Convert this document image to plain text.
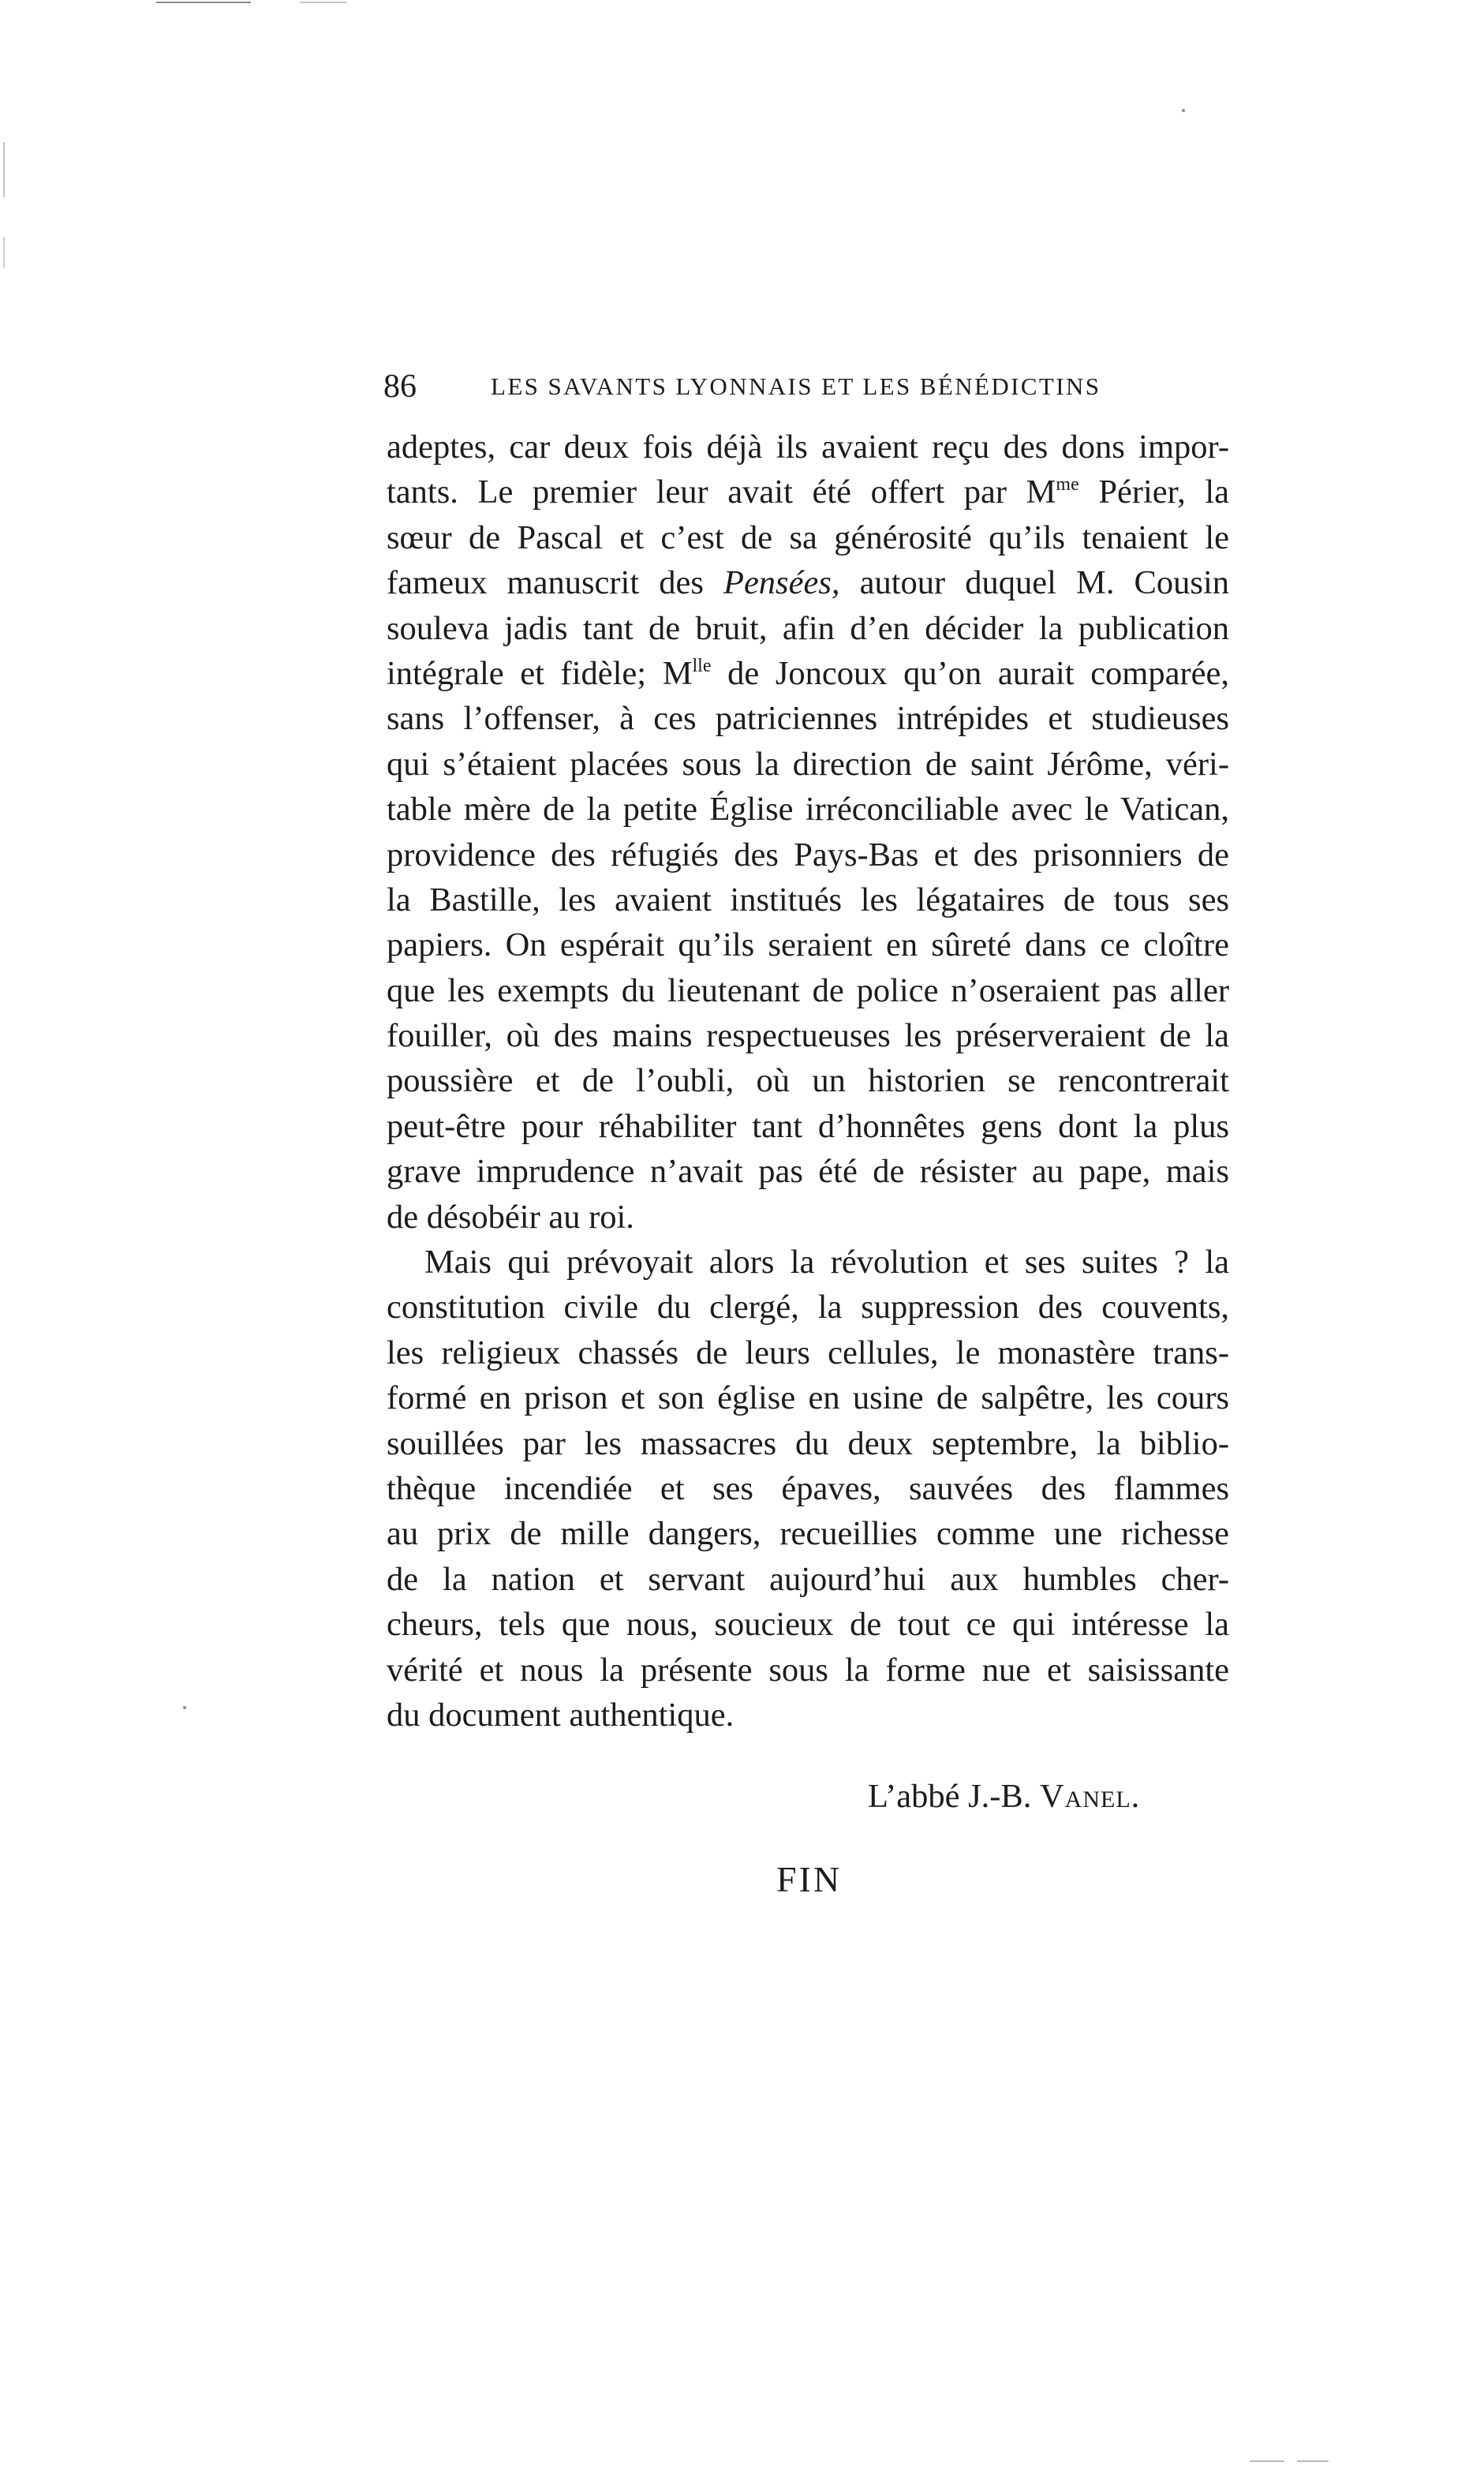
86	LES SAVANTS LYONNAIS ET LES BÉNÉDICTINS
adeptes, car deux fois déjà ils avaient reçu des dons impor-
tants. Le premier leur avait été offert par $M^{me}$ Périer, la
sœur de Pascal et c’est de sa générosité qu’ils tenaient le
fameux manuscrit des Pensées, autour duquel M. Cousin
souleva jadis tant de bruit, afin d’en décider la publication
intégrale et fidèle; $M^{lle}$ de Joncoux qu’on aurait comparée,
sans l’offenser, à ces patriciennes intrépides et studieuses
qui s’étaient placées sous la direction de saint Jérôme, véri-
table mère de la petite Église irréconciliable avec le Vatican,
providence des réfugiés des Pays-Bas et des prisonniers de
la Bastille, les avaient institués les légataires de tous ses
papiers. On espérait qu’ils seraient en sûreté dans ce cloître
que les exempts du lieutenant de police n’oseraient pas aller
fouiller, où des mains respectueuses les préserveraient de la
poussière et de l’oubli, où un historien se rencontrerait
peut-être pour réhabiliter tant d’honnêtes gens dont la plus
grave imprudence n’avait pas été de résister au pape, mais
de désobéir au roi.
Mais qui prévoyait alors la révolution et ses suites ? la
constitution civile du clergé, la suppression des couvents,
les religieux chassés de leurs cellules, le monastère trans-
formé en prison et son église en usine de salpêtre, les cours
souillées par les massacres du deux septembre, la biblio-
thèque incendiée et ses épaves, sauvées des flammes
au prix de mille dangers, recueillies comme une richesse
de la nation et servant aujourd’hui aux humbles cher-
cheurs, tels que nous, soucieux de tout ce qui intéresse la
vérité et nous la présente sous la forme nue et saisissante
du document authentique.
L’abbé J.-B. Vanel.
FIN
